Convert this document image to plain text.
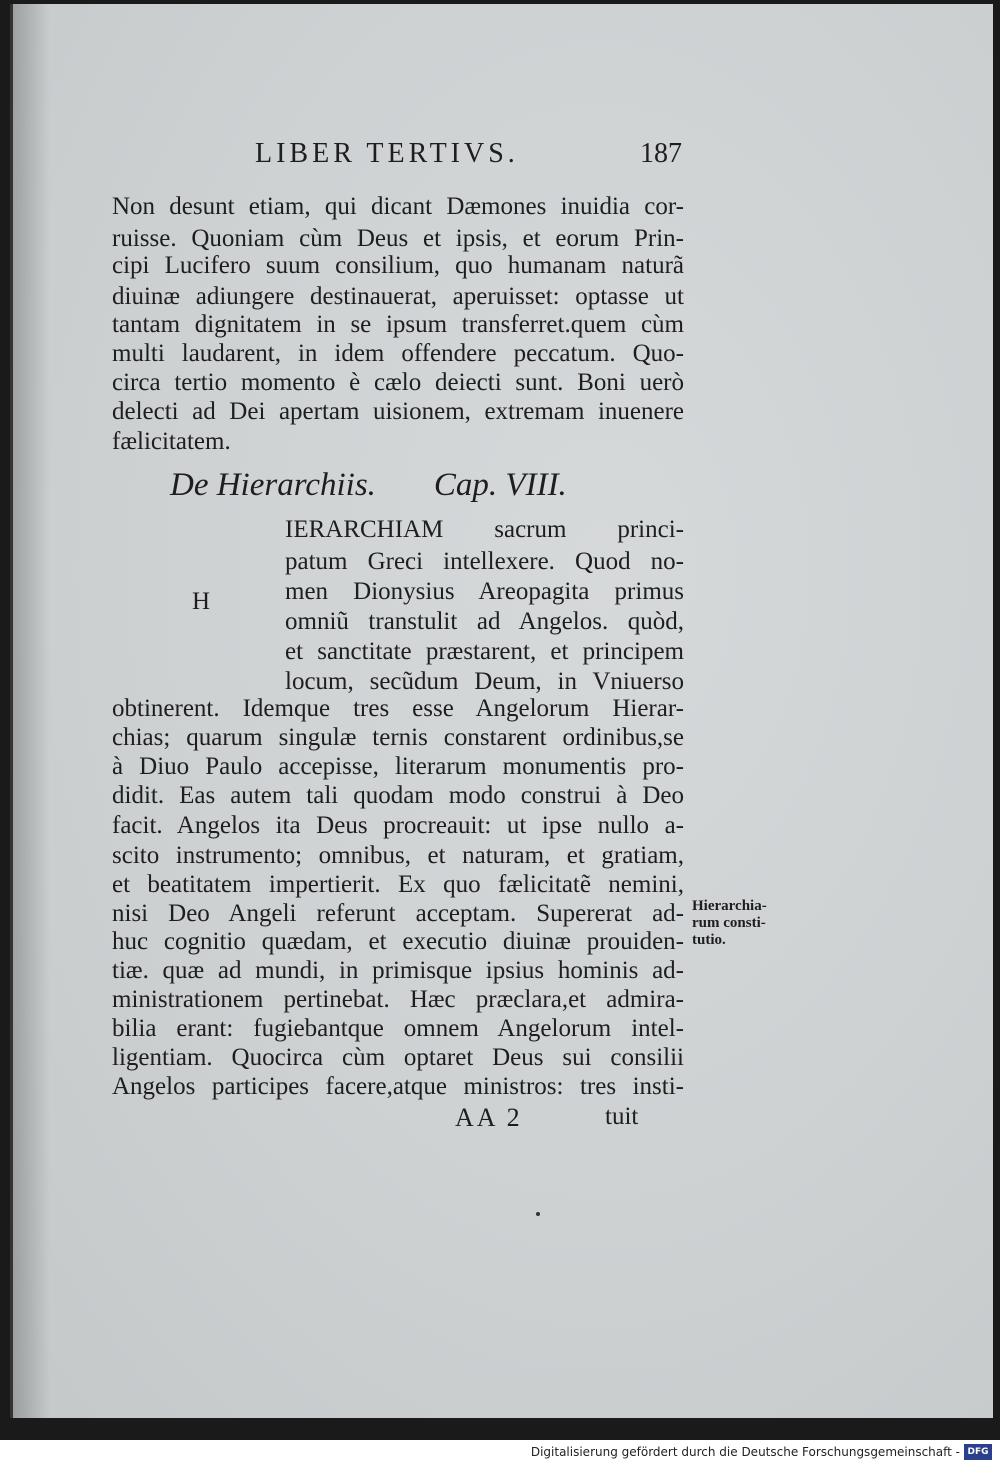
LIBER TERTIVS.	187
Non desunt etiam, qui dicant Dæmones inuidia cor-
ruisse. Quoniam cùm Deus et ipsis, et eorum Prin-
cipi Lucifero suum consilium, quo humanam naturã
diuinæ adiungere destinauerat, aperuisset: optasse ut
tantam dignitatem in se ipsum transferret.quem cùm
multi laudarent, in idem offendere peccatum. Quo-
circa tertio momento è cælo deiecti sunt. Boni uerò
delecti ad Dei apertam uisionem, extremam inuenere
fælicitatem.
De Hierarchiis. Cap. VIII.
H
IERARCHIAM sacrum princi-
patum Greci intellexere. Quod no-
men Dionysius Areopagita primus
omniũ transtulit ad Angelos. quòd,
et sanctitate præstarent, et principem
locum, secũdum Deum, in Vniuerso
obtinerent. Idemque tres esse Angelorum Hierar-
chias; quarum singulæ ternis constarent ordinibus,se
à Diuo Paulo accepisse, literarum monumentis pro-
didit. Eas autem tali quodam modo construi à Deo
facit. Angelos ita Deus procreauit: ut ipse nullo a-
scito instrumento; omnibus, et naturam, et gratiam,
et beatitatem impertierit. Ex quo fælicitatẽ nemini,
nisi Deo Angeli referunt acceptam. Supererat ad-
huc cognitio quædam, et executio diuinæ prouiden-
tiæ. quæ ad mundi, in primisque ipsius hominis ad-
ministrationem pertinebat. Hæc præclara,et admira-
bilia erant: fugiebantque omnem Angelorum intel-
ligentiam. Quocirca cùm optaret Deus sui consilii
Angelos participes facere,atque ministros: tres insti-
Hierarchia-
rum consti-
tutio.
AA 2	tuit
Digitalisierung gefördert durch die Deutsche Forschungsgemeinschaft - DFG
